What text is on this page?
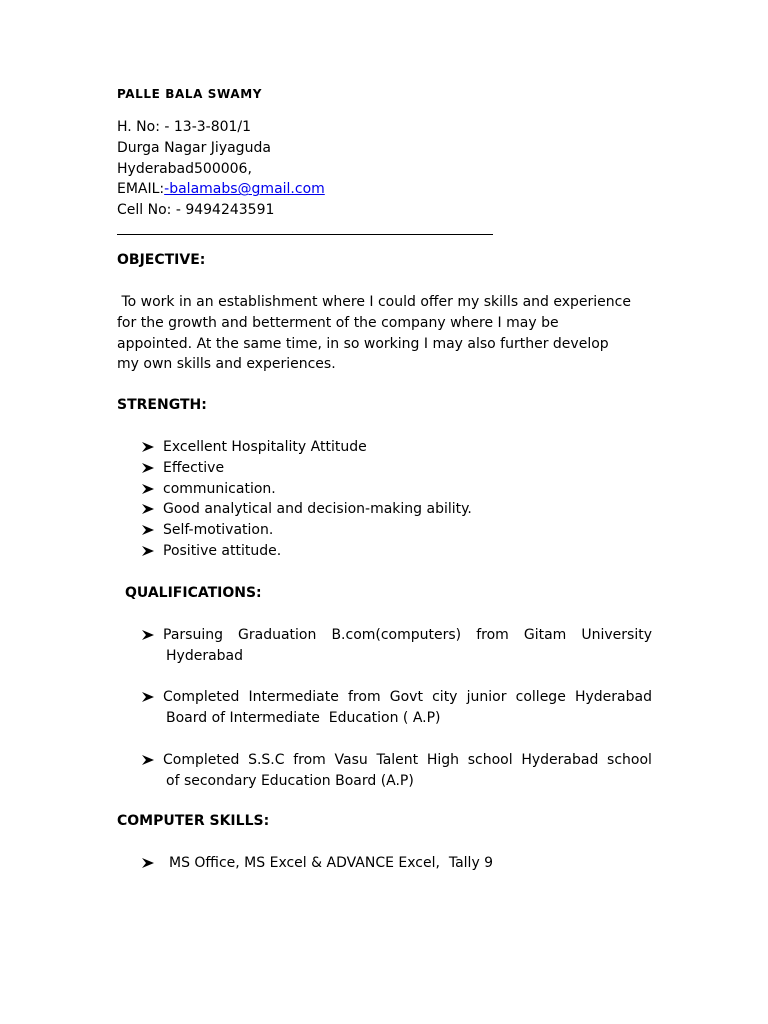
PALLE BALA SWAMY
H. No: - 13-3-801/1
Durga Nagar Jiyaguda
Hyderabad500006,
EMAIL:-balamabs@gmail.com
Cell No: - 9494243591
OBJECTIVE:
To work in an establishment where I could offer my skills and experience
for the growth and betterment of the company where I may be
appointed. At the same time, in so working I may also further develop
my own skills and experiences.
STRENGTH:
Excellent Hospitality Attitude
Effective
communication.
Good analytical and decision-making ability.
Self-motivation.
Positive attitude.
QUALIFICATIONS:
Parsuing Graduation B.com(computers) from Gitam University
Hyderabad
Completed Intermediate from Govt city junior college Hyderabad
Board of Intermediate  Education ( A.P)
Completed S.S.C from Vasu Talent High school Hyderabad school
of secondary Education Board (A.P)
COMPUTER SKILLS:
MS Office, MS Excel & ADVANCE Excel,  Tally 9
